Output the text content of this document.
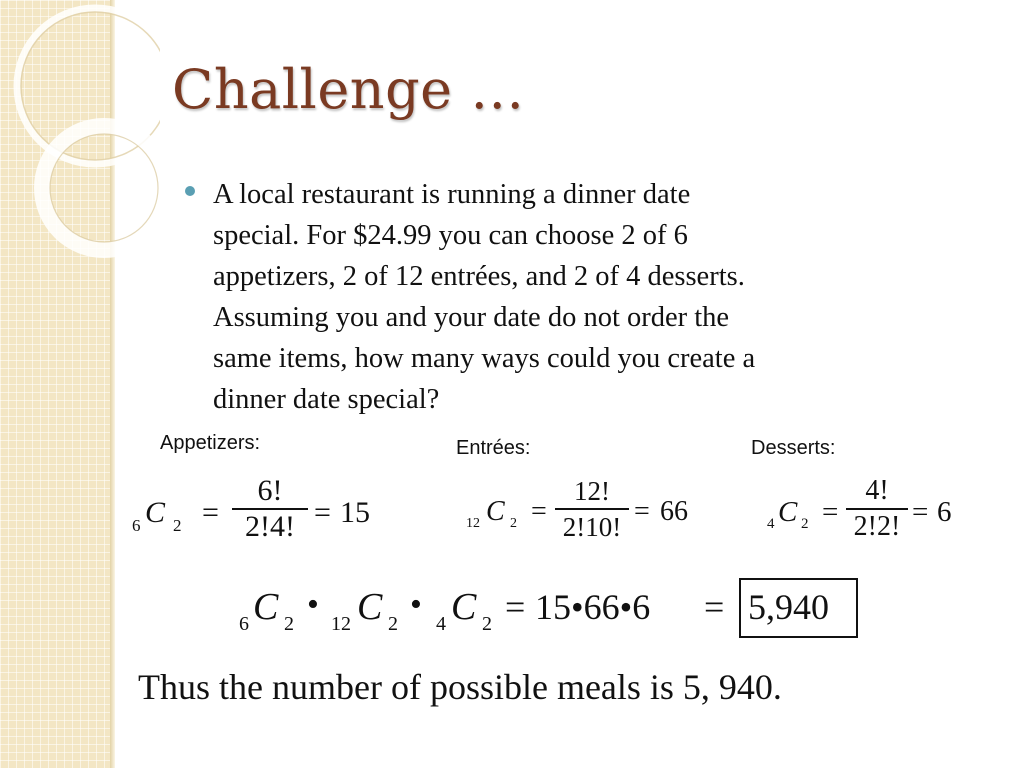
Challenge …
A local restaurant is running a dinner date
special. For $24.99 you can choose 2 of 6
appetizers, 2 of 12 entrées, and 2 of 4 desserts.
Assuming you and your date do not order the
same items, how many ways could you create a
dinner date special?
Appetizers:	Entrées:	Desserts:
6 C 2 =
6!
2!4! = 15	12 C 2 =
12!
2!10! = 66	4 C 2 =
4!
2!2! = 6
6 C 2
•
12 C 2
•
4 C 2 = 15•66•6 = 5,940
Thus the number of possible meals is 5, 940.
